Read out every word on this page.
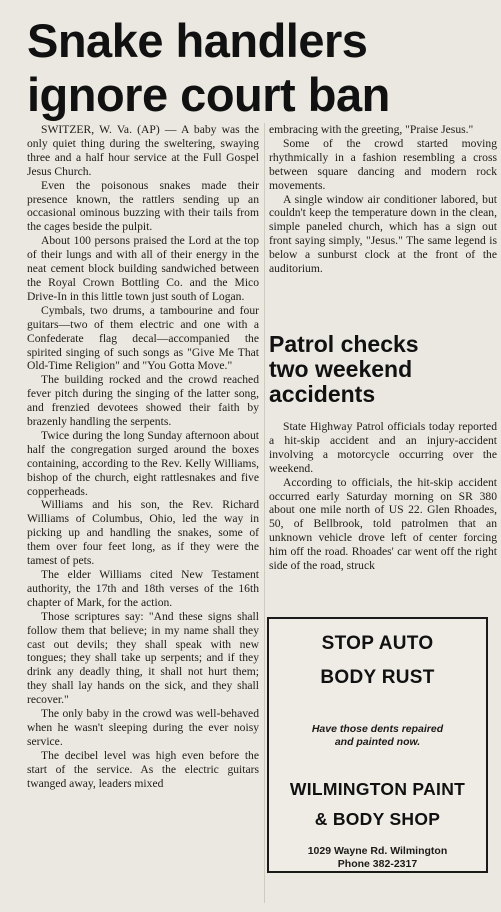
Snake handlers
ignore court ban

SWITZER, W. Va. (AP) — A baby was the only quiet thing during the sweltering, swaying three and a half hour service at the Full Gospel Jesus Church.

Even the poisonous snakes made their presence known, the rattlers sending up an occasional ominous buzzing with their tails from the cages beside the pulpit.

About 100 persons praised the Lord at the top of their lungs and with all of their energy in the neat cement block building sandwiched between the Royal Crown Bottling Co. and the Mico Drive-In in this little town just south of Logan.

Cymbals, two drums, a tambourine and four guitars—two of them electric and one with a Confederate flag decal—accompanied the spirited singing of such songs as "Give Me That Old-Time Religion" and "You Gotta Move."

The building rocked and the crowd reached fever pitch during the singing of the latter song, and frenzied devotees showed their faith by brazenly handling the serpents.

Twice during the long Sunday afternoon about half the congregation surged around the boxes containing, according to the Rev. Kelly Williams, bishop of the church, eight rattlesnakes and five copperheads.

Williams and his son, the Rev. Richard Williams of Columbus, Ohio, led the way in picking up and handling the snakes, some of them over four feet long, as if they were the tamest of pets.

The elder Williams cited New Testament authority, the 17th and 18th verses of the 16th chapter of Mark, for the action.

Those scriptures say: "And these signs shall follow them that believe; in my name shall they cast out devils; they shall speak with new tongues; they shall take up serpents; and if they drink any deadly thing, it shall not hurt them; they shall lay hands on the sick, and they shall recover."

The only baby in the crowd was well-behaved when he wasn't sleeping during the ever noisy service.

The decibel level was high even before the start of the service. As the electric guitars twanged away, leaders mixed

embracing with the greeting, "Praise Jesus."

Some of the crowd started moving rhythmically in a fashion resembling a cross between square dancing and modern rock movements.

A single window air conditioner labored, but couldn't keep the temperature down in the clean, simple paneled church, which has a sign out front saying simply, "Jesus." The same legend is below a sunburst clock at the front of the auditorium.

Patrol checks
two weekend
accidents

State Highway Patrol officials today reported a hit-skip accident and an injury-accident involving a motorcycle occurring over the weekend.

According to officials, the hit-skip accident occurred early Saturday morning on SR 380 about one mile north of US 22. Glen Rhoades, 50, of Bellbrook, told patrolmen that an unknown vehicle drove left of center forcing him off the road. Rhoades' car went off the right side of the road, struck

STOP AUTO
BODY RUST
Have those dents repaired
and painted now.
WILMINGTON PAINT
& BODY SHOP
1029 Wayne Rd. Wilmington
Phone 382-2317
